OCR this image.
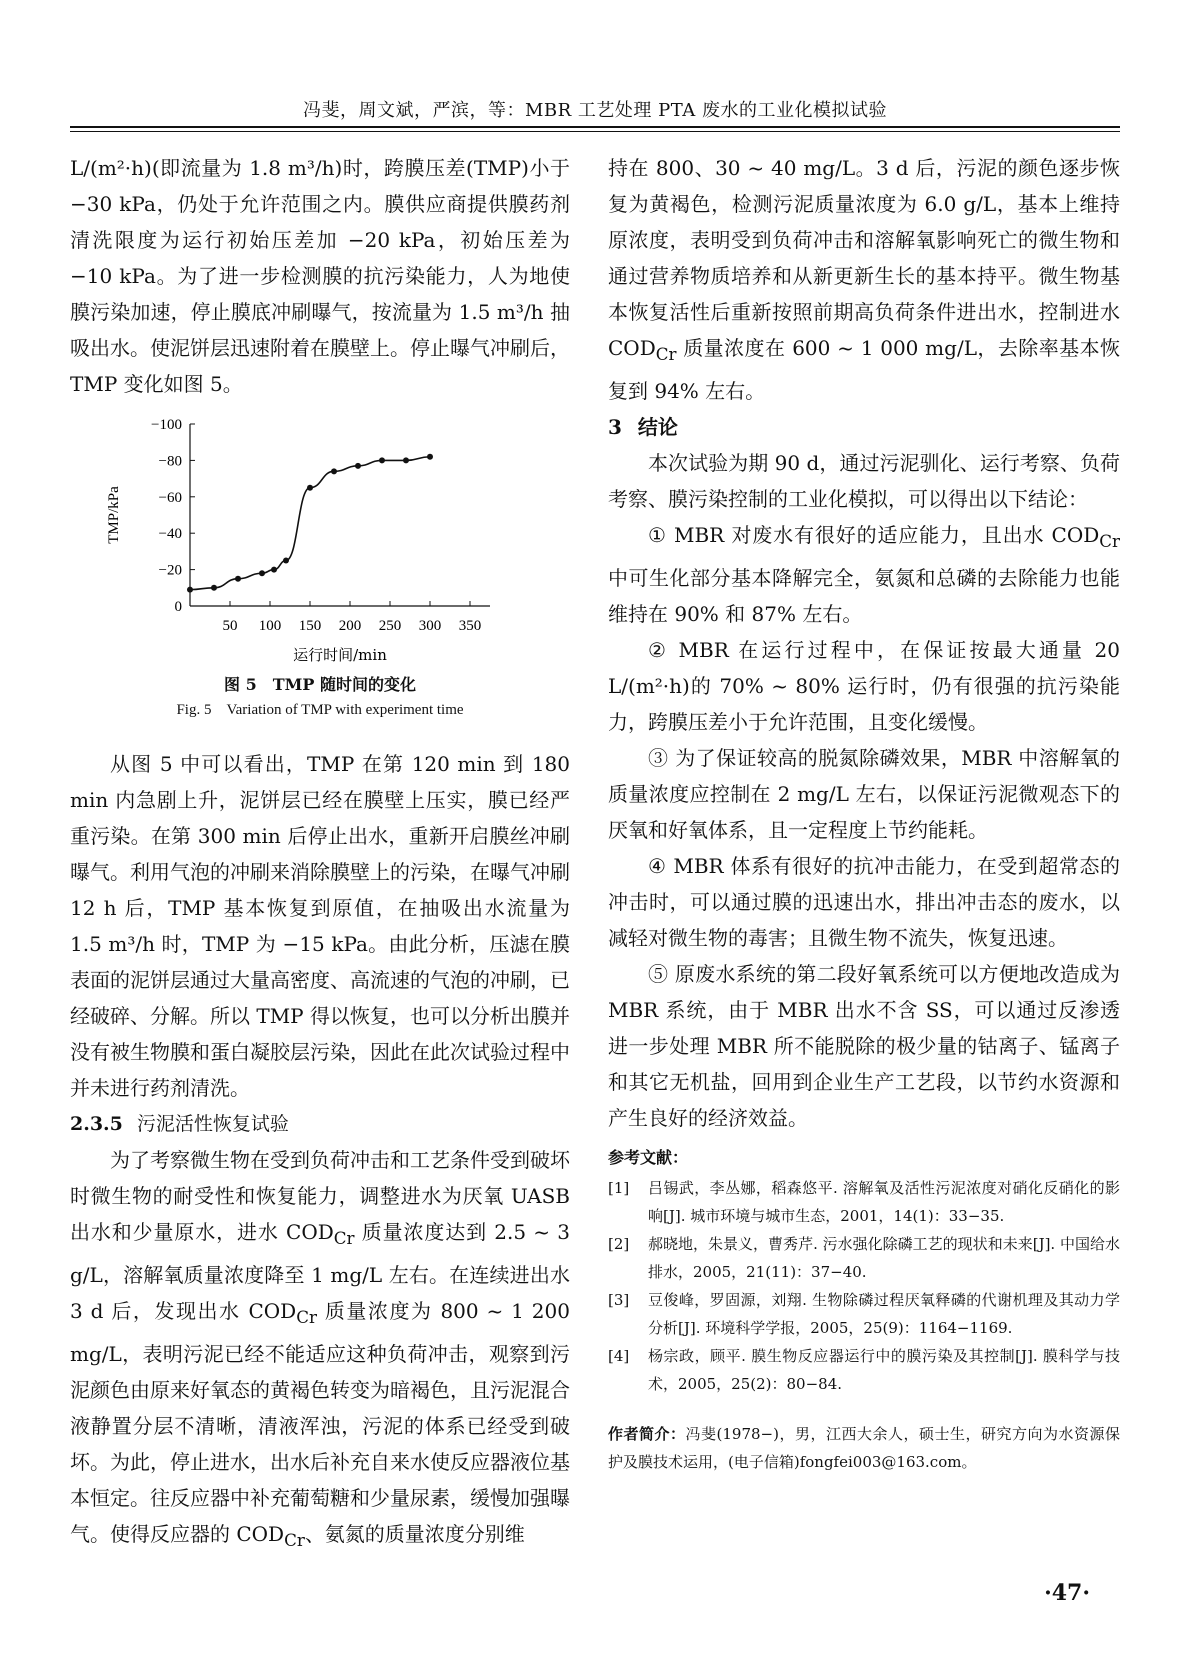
冯斐，周文斌，严滨，等：MBR 工艺处理 PTA 废水的工业化模拟试验

L/(m²·h)(即流量为 1.8 m³/h)时，跨膜压差(TMP)小于 −30 kPa，仍处于允许范围之内。膜供应商提供膜药剂清洗限度为运行初始压差加 −20 kPa，初始压差为 −10 kPa。为了进一步检测膜的抗污染能力，人为地使膜污染加速，停止膜底冲刷曝气，按流量为 1.5 m³/h 抽吸出水。使泥饼层迅速附着在膜壁上。停止曝气冲刷后，TMP 变化如图 5。

0
−20
−40
−60
−80
−100
50 100 150 200 250 300 350
TMP/kPa
运行时间/min
图 5　TMP 随时间的变化
Fig. 5　Variation of TMP with experiment time

从图 5 中可以看出，TMP 在第 120 min 到 180 min 内急剧上升，泥饼层已经在膜壁上压实，膜已经严重污染。在第 300 min 后停止出水，重新开启膜丝冲刷曝气。利用气泡的冲刷来消除膜壁上的污染，在曝气冲刷 12 h 后，TMP 基本恢复到原值，在抽吸出水流量为 1.5 m³/h 时，TMP 为 −15 kPa。由此分析，压滤在膜表面的泥饼层通过大量高密度、高流速的气泡的冲刷，已经破碎、分解。所以 TMP 得以恢复，也可以分析出膜并没有被生物膜和蛋白凝胶层污染，因此在此次试验过程中并未进行药剂清洗。

2.3.5 污泥活性恢复试验

为了考察微生物在受到负荷冲击和工艺条件受到破坏时微生物的耐受性和恢复能力，调整进水为厌氧 UASB 出水和少量原水，进水 $COD_{Cr}$ 质量浓度达到 2.5 ~ 3 g/L，溶解氧质量浓度降至 1 mg/L 左右。在连续进出水 3 d 后，发现出水 $COD_{Cr}$ 质量浓度为 800 ~ 1 200 mg/L，表明污泥已经不能适应这种负荷冲击，观察到污泥颜色由原来好氧态的黄褐色转变为暗褐色，且污泥混合液静置分层不清晰，清液浑浊，污泥的体系已经受到破坏。为此，停止进水，出水后补充自来水使反应器液位基本恒定。往反应器中补充葡萄糖和少量尿素，缓慢加强曝气。使得反应器的 $COD_{Cr}$、氨氮的质量浓度分别维

持在 800、30 ~ 40 mg/L。3 d 后，污泥的颜色逐步恢复为黄褐色，检测污泥质量浓度为 6.0 g/L，基本上维持原浓度，表明受到负荷冲击和溶解氧影响死亡的微生物和通过营养物质培养和从新更新生长的基本持平。微生物基本恢复活性后重新按照前期高负荷条件进出水，控制进水 $COD_{Cr}$ 质量浓度在 600 ~ 1 000 mg/L，去除率基本恢复到 94% 左右。

3 结论

本次试验为期 90 d，通过污泥驯化、运行考察、负荷考察、膜污染控制的工业化模拟，可以得出以下结论：

① MBR 对废水有很好的适应能力，且出水 $COD_{Cr}$ 中可生化部分基本降解完全，氨氮和总磷的去除能力也能维持在 90% 和 87% 左右。

② MBR 在运行过程中，在保证按最大通量 20 L/(m²·h)的 70% ~ 80% 运行时，仍有很强的抗污染能力，跨膜压差小于允许范围，且变化缓慢。

③ 为了保证较高的脱氮除磷效果，MBR 中溶解氧的质量浓度应控制在 2 mg/L 左右，以保证污泥微观态下的厌氧和好氧体系，且一定程度上节约能耗。

④ MBR 体系有很好的抗冲击能力，在受到超常态的冲击时，可以通过膜的迅速出水，排出冲击态的废水，以减轻对微生物的毒害；且微生物不流失，恢复迅速。

⑤ 原废水系统的第二段好氧系统可以方便地改造成为 MBR 系统，由于 MBR 出水不含 SS，可以通过反渗透进一步处理 MBR 所不能脱除的极少量的钴离子、锰离子和其它无机盐，回用到企业生产工艺段，以节约水资源和产生良好的经济效益。

参考文献：
[1] 吕锡武，李丛娜，稻森悠平. 溶解氧及活性污泥浓度对硝化反硝化的影响[J]. 城市环境与城市生态，2001，14(1)：33−35.
[2] 郝晓地，朱景义，曹秀芹. 污水强化除磷工艺的现状和未来[J]. 中国给水排水，2005，21(11)：37−40.
[3] 豆俊峰，罗固源，刘翔. 生物除磷过程厌氧释磷的代谢机理及其动力学分析[J]. 环境科学学报，2005，25(9)：1164−1169.
[4] 杨宗政，顾平. 膜生物反应器运行中的膜污染及其控制[J]. 膜科学与技术，2005，25(2)：80−84.
作者简介：冯斐(1978−)，男，江西大余人，硕士生，研究方向为水资源保护及膜技术运用，(电子信箱)fongfei003@163.com。
·47·
